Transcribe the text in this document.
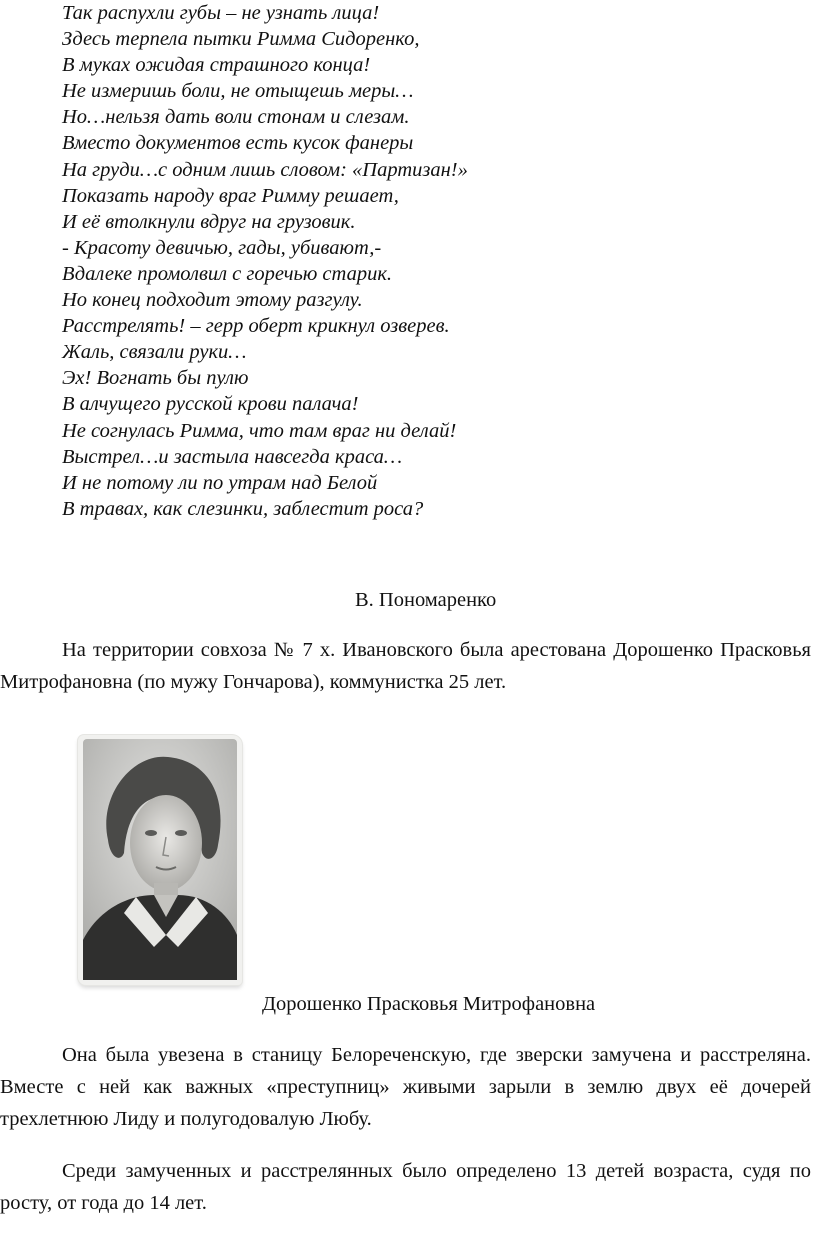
Так распухли губы – не узнать лица!
Здесь терпела пытки Римма Сидоренко,
В муках ожидая страшного конца!
Не измеришь боли, не отыщешь меры…
Но…нельзя дать воли стонам и слезам.
Вместо документов есть кусок фанеры
На груди…с одним лишь словом: «Партизан!»
Показать народу враг Римму решает,
И её втолкнули вдруг на грузовик.
- Красоту девичью, гады, убивают,-
Вдалеке промолвил с горечью старик.
Но конец подходит этому разгулу.
Расстрелять! – герр оберт крикнул озверев.
Жаль, связали руки…
Эх! Вогнать бы пулю
В алчущего русской крови палача!
Не согнулась Римма, что там враг ни делай!
Выстрел…и застыла навсегда краса…
И не потому ли по утрам над Белой
В травах, как слезинки, заблестит роса?
В. Пономаренко

На территории совхоза № 7 х. Ивановского была арестована Дорошенко Прасковья Митрофановна (по мужу Гончарова), коммунистка 25 лет.

Дорошенко Прасковья Митрофановна

Она была увезена в станицу Белореченскую, где зверски замучена и расстреляна. Вместе с ней как важных «преступниц» живыми зарыли в землю двух её дочерей трехлетнюю Лиду и полугодовалую Любу.

Среди замученных и расстрелянных было определено 13 детей возраста, судя по росту, от года до 14 лет.
